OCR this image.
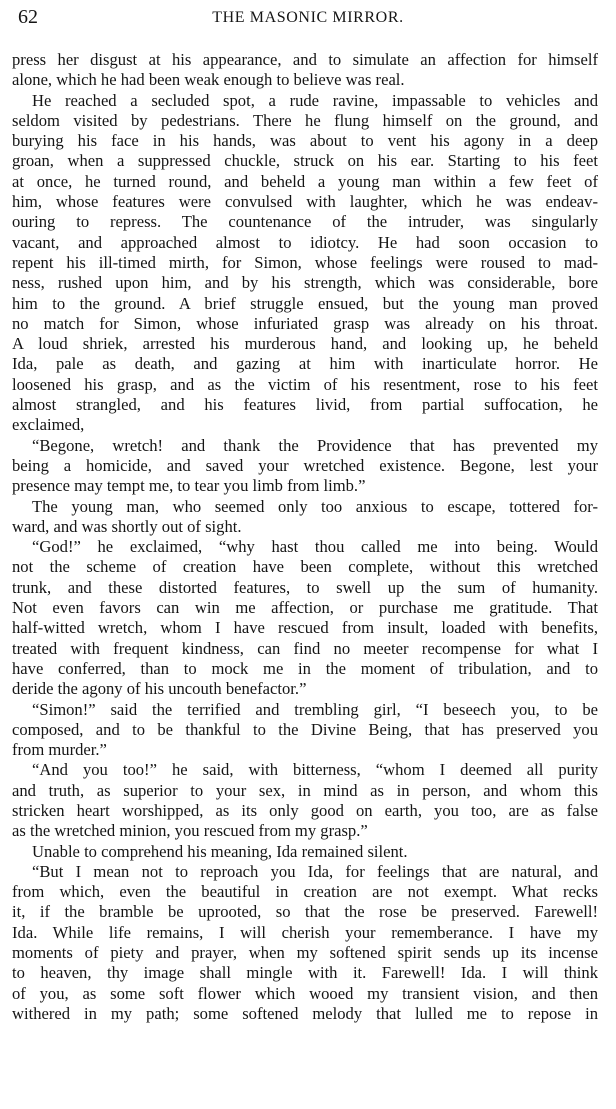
62	THE MASONIC MIRROR.
press her disgust at his appearance, and to simulate an affection for himself
alone, which he had been weak enough to believe was real.
He reached a secluded spot, a rude ravine, impassable to vehicles and
seldom visited by pedestrians. There he flung himself on the ground, and
burying his face in his hands, was about to vent his agony in a deep
groan, when a suppressed chuckle, struck on his ear. Starting to his feet
at once, he turned round, and beheld a young man within a few feet of
him, whose features were convulsed with laughter, which he was endeav-
ouring to repress. The countenance of the intruder, was singularly
vacant, and approached almost to idiotcy. He had soon occasion to
repent his ill-timed mirth, for Simon, whose feelings were roused to mad-
ness, rushed upon him, and by his strength, which was considerable, bore
him to the ground. A brief struggle ensued, but the young man proved
no match for Simon, whose infuriated grasp was already on his throat.
A loud shriek, arrested his murderous hand, and looking up, he beheld
Ida, pale as death, and gazing at him with inarticulate horror. He
loosened his grasp, and as the victim of his resentment, rose to his feet
almost strangled, and his features livid, from partial suffocation, he
exclaimed,
“Begone, wretch! and thank the Providence that has prevented my
being a homicide, and saved your wretched existence. Begone, lest your
presence may tempt me, to tear you limb from limb.”
The young man, who seemed only too anxious to escape, tottered for-
ward, and was shortly out of sight.
“God!” he exclaimed, “why hast thou called me into being. Would
not the scheme of creation have been complete, without this wretched
trunk, and these distorted features, to swell up the sum of humanity.
Not even favors can win me affection, or purchase me gratitude. That
half-witted wretch, whom I have rescued from insult, loaded with benefits,
treated with frequent kindness, can find no meeter recompense for what I
have conferred, than to mock me in the moment of tribulation, and to
deride the agony of his uncouth benefactor.”
“Simon!” said the terrified and trembling girl, “I beseech you, to be
composed, and to be thankful to the Divine Being, that has preserved you
from murder.”
“And you too!” he said, with bitterness, “whom I deemed all purity
and truth, as superior to your sex, in mind as in person, and whom this
stricken heart worshipped, as its only good on earth, you too, are as false
as the wretched minion, you rescued from my grasp.”
Unable to comprehend his meaning, Ida remained silent.
“But I mean not to reproach you Ida, for feelings that are natural, and
from which, even the beautiful in creation are not exempt. What recks
it, if the bramble be uprooted, so that the rose be preserved. Farewell!
Ida. While life remains, I will cherish your rememberance. I have my
moments of piety and prayer, when my softened spirit sends up its incense
to heaven, thy image shall mingle with it. Farewell! Ida. I will think
of you, as some soft flower which wooed my transient vision, and then
withered in my path; some softened melody that lulled me to repose in
